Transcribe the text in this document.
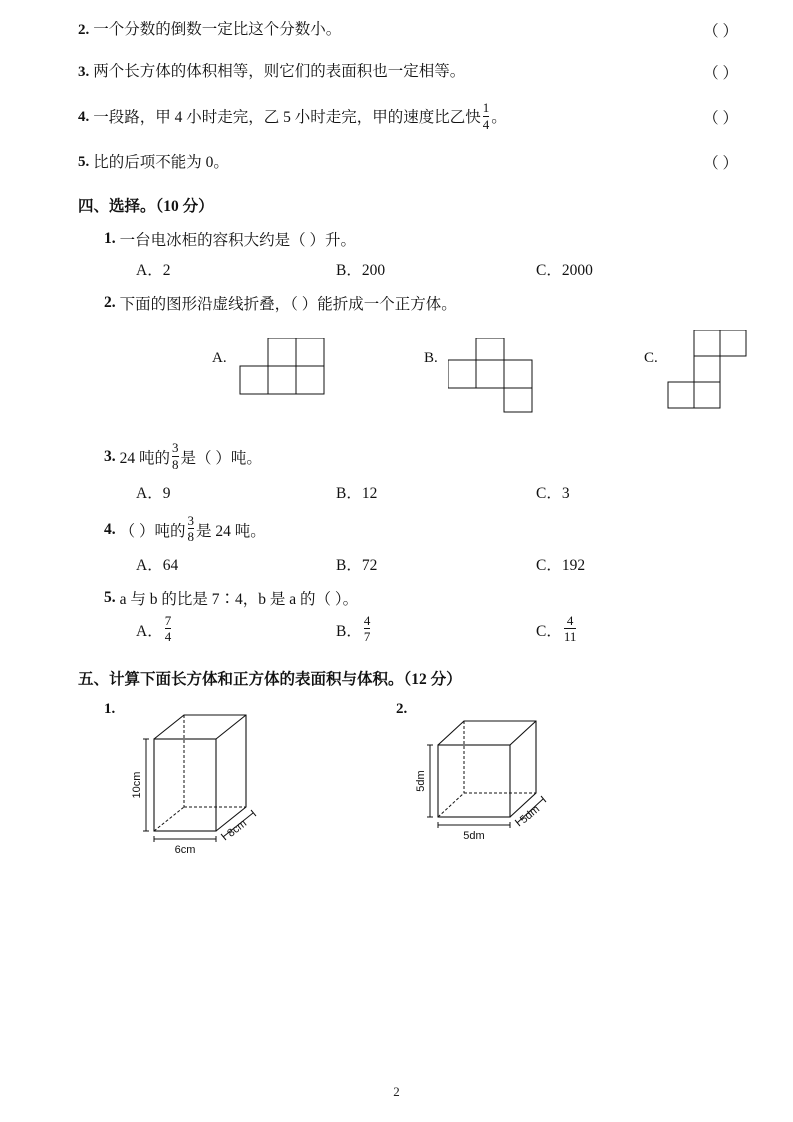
2. 一个分数的倒数一定比这个分数小。	（ ）
3. 两个长方体的体积相等，则它们的表面积也一定相等。	（ ）
4. 一段路，甲 4 小时走完，乙 5 小时走完，甲的速度比乙快 $\frac{1}{4}$ 。	（ ）
5. 比的后项不能为 0。	（ ）
四、选择。（10 分）
1. 一台电冰柜的容积大约是（ ）升。
A．2	B．200	C．2000
2. 下面的图形沿虚线折叠，（ ）能折成一个正方体。
A.	B.	C.
3. 24 吨的 $\frac{3}{8}$ 是（ ）吨。
A．9	B．12	C．3
4. （ ）吨的 $\frac{3}{8}$ 是 24 吨。
A．64	B．72	C．192
5. a 与 b 的比是 7∶4，b 是 a 的（ ）。
A． $\frac{7}{4}$	B． $\frac{4}{7}$	C． $\frac{4}{11}$
五、计算下面长方体和正方体的表面积与体积。（12 分）
1.
10cm
6cm
8cm
2.
5dm
5dm
5dm
2
